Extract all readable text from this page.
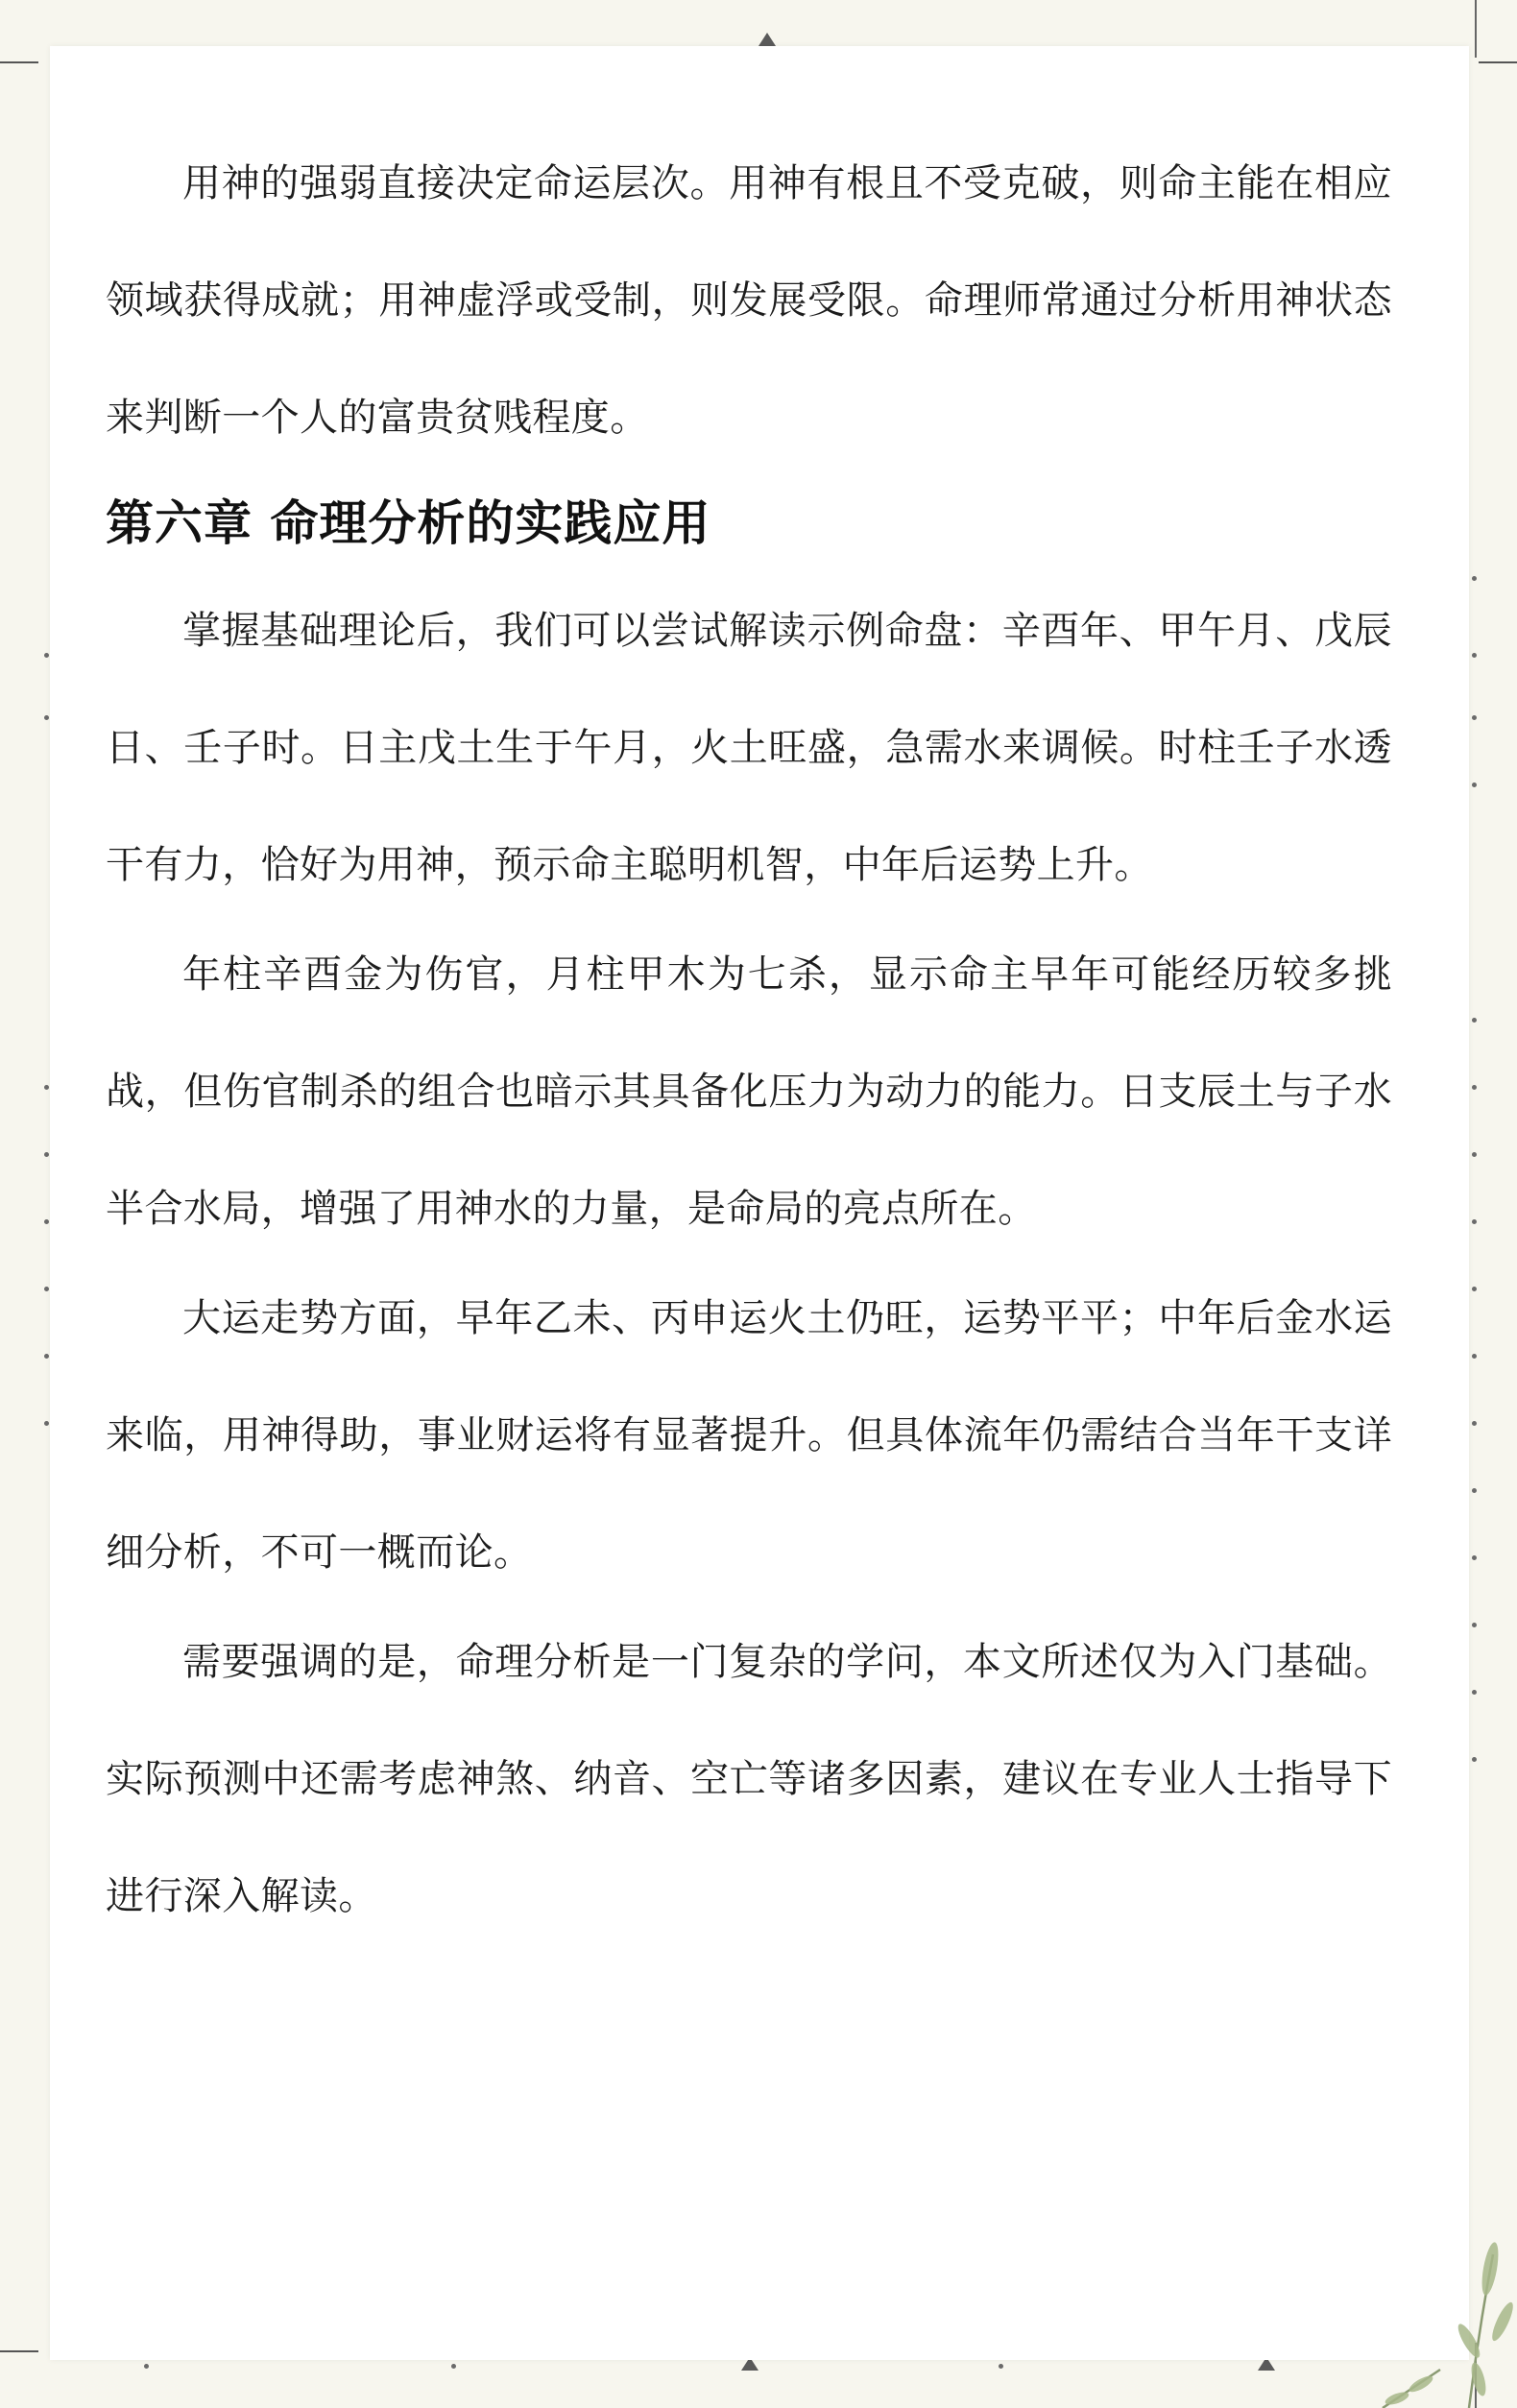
用神的强弱直接决定命运层次。用神有根且不受克破，则命主能在相应领域获得成就；用神虚浮或受制，则发展受限。命理师常通过分析用神状态来判断一个人的富贵贫贱程度。

第六章 命理分析的实践应用

掌握基础理论后，我们可以尝试解读示例命盘：辛酉年、甲午月、戊辰日、壬子时。日主戊土生于午月，火土旺盛，急需水来调候。时柱壬子水透干有力，恰好为用神，预示命主聪明机智，中年后运势上升。

年柱辛酉金为伤官，月柱甲木为七杀，显示命主早年可能经历较多挑战，但伤官制杀的组合也暗示其具备化压力为动力的能力。日支辰土与子水半合水局，增强了用神水的力量，是命局的亮点所在。

大运走势方面，早年乙未、丙申运火土仍旺，运势平平；中年后金水运来临，用神得助，事业财运将有显著提升。但具体流年仍需结合当年干支详细分析，不可一概而论。

需要强调的是，命理分析是一门复杂的学问，本文所述仅为入门基础。实际预测中还需考虑神煞、纳音、空亡等诸多因素，建议在专业人士指导下进行深入解读。
